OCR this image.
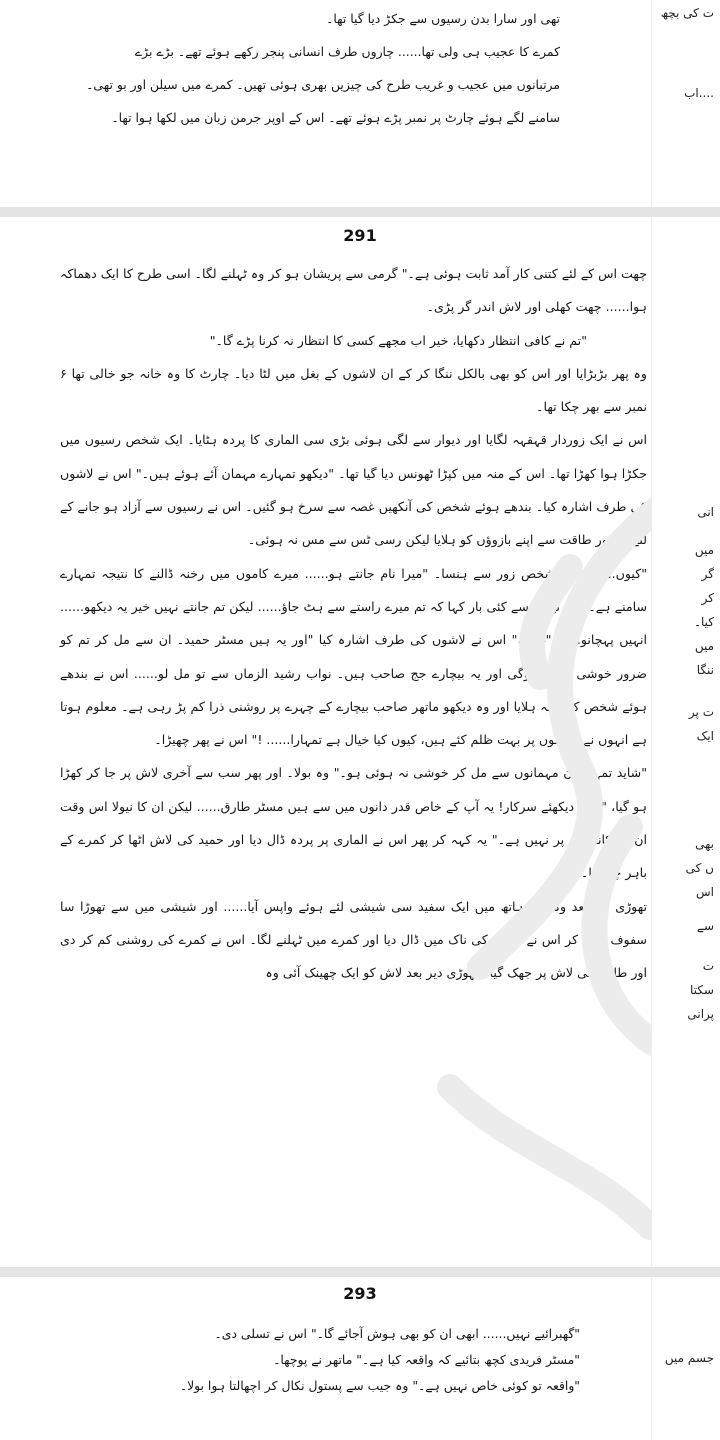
تھی اور سارا بدن رسیوں سے جکڑ دیا گیا تھا۔

کمرے کا عجیب ہی ولی تھا...... چاروں طرف انسانی پنجر رکھے ہوئے تھے۔ بڑے بڑے

مرتبانوں میں عجیب و غریب طرح کی چیزیں بھری ہوئی تھیں۔ کمرے میں سیلن اور بو تھی۔

سامنے لگے ہوئے چارٹ پر نمبر پڑے ہوئے تھے۔ اس کے اوپر جرمن زبان میں لکھا ہوا تھا۔

ت کی بچھ
....اب
291

چھت اس کے لئے کتنی کار آمد ثابت ہوئی ہے۔" گرمی سے پریشان ہو کر وہ ٹہلنے لگا۔ اسی طرح کا ایک دھماکہ ہوا...... چھت کھلی اور لاش اندر گر پڑی۔

"تم نے کافی انتظار دکھایا، خیر اب مجھے کسی کا انتظار نہ کرنا پڑے گا۔"

وہ پھر بڑبڑایا اور اس کو بھی بالکل ننگا کر کے ان لاشوں کے بغل میں لٹا دیا۔ چارٹ کا وہ خانہ جو خالی تھا ۶ نمبر سے بھر چکا تھا۔

اس نے ایک زوردار قہقہہ لگایا اور دیوار سے لگی ہوئی بڑی سی الماری کا پردہ ہٹایا۔ ایک شخص رسیوں میں جکڑا ہوا کھڑا تھا۔ اس کے منہ میں کپڑا ٹھونس دیا گیا تھا۔ "دیکھو تمہارے مہمان آئے ہوئے ہیں۔" اس نے لاشوں کی طرف اشارہ کیا۔ بندھے ہوئے شخص کی آنکھیں غصہ سے سرخ ہو گئیں۔ اس نے رسیوں سے آزاد ہو جانے کے لئے بھرپور طاقت سے اپنے بازوؤں کو ہلایا لیکن رسی ٹس سے مس نہ ہوئی۔

"کیوں...... " وہ شخص زور سے ہنسا۔ "میرا نام جانتے ہو...... میرے کاموں میں رخنہ ڈالنے کا نتیجہ تمہارے سامنے ہے۔ میں نے تم سے کئی بار کہا کہ تم میرے راستے سے ہٹ جاؤ...... لیکن تم جانتے نہیں خیر یہ دیکھو...... انہیں پہچانو...... "غزالہ" اس نے لاشوں کی طرف اشارہ کیا "اور یہ ہیں مسٹر حمید۔ ان سے مل کر تم کو ضرور خوشی ہوئی ہوگی اور یہ بیچارے جج صاحب ہیں۔ نواب رشید الزماں سے تو مل لو...... اس نے بندھے ہوئے شخص کا شانہ ہلایا اور وہ دیکھو ماتھر صاحب بیچارے کے چہرے پر روشنی ذرا کم پڑ رہی ہے۔ معلوم ہوتا ہے انہوں نے ملزموں پر بہت ظلم کئے ہیں، کیوں کیا خیال ہے تمہارا...... !" اس نے پھر چھیڑا۔

"شاید تمہیں ان مہمانوں سے مل کر خوشی نہ ہوئی ہو۔" وہ بولا۔ اور پھر سب سے آخری لاش پر جا کر کھڑا ہو گیا، "ادھر دیکھئے سرکار! یہ آپ کے خاص قدر دانوں میں سے ہیں مسٹر طارق...... لیکن ان کا نیولا اس وقت ان کے کاندھوں پر نہیں ہے۔" یہ کہہ کر پھر اس نے الماری پر پردہ ڈال دیا اور حمید کی لاش اٹھا کر کمرے کے باہر چلا گیا۔

تھوڑی دیر بعد وہ اپنے ہاتھ میں ایک سفید سی شیشی لئے ہوئے واپس آیا...... اور شیشی میں سے تھوڑا سا سفوف نکال کر اس نے طارق کی ناک میں ڈال دیا اور کمرے میں ٹہلنے لگا۔ اس نے کمرے کی روشنی کم کر دی اور طارق کی لاش پر جھک گیا۔ تھوڑی دیر بعد لاش کو ایک چھینک آئی وہ

انی
میں
گر
کر
کیا۔
میں
ننگا
ت پر
ایک
بھی
ں کی
اس
سے
ت
سکتا
پرانی
293

"گھبرائیے نہیں...... ابھی ان کو بھی ہوش آجائے گا۔" اس نے تسلی دی۔

"مسٹر فریدی کچھ بتائیے کہ واقعہ کیا ہے۔" ماتھر نے پوچھا۔

"واقعہ تو کوئی خاص نہیں ہے۔" وہ جیب سے پستول نکال کر اچھالتا ہوا بولا۔

جسم میں
